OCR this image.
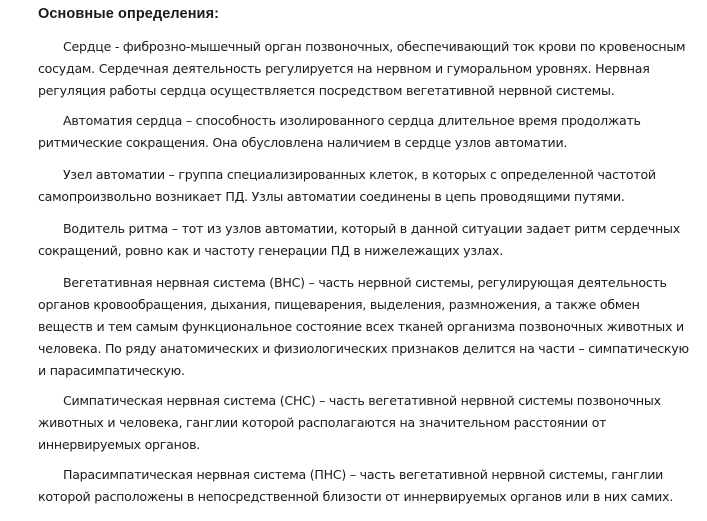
Основные определения:

Сердце - фиброзно-мышечный орган позвоночных, обеспечивающий ток крови по кровеносным
сосудам. Сердечная деятельность регулируется на нервном и гуморальном уровнях. Нервная
регуляция работы сердца осуществляется посредством вегетативной нервной системы.

Автоматия сердца – способность изолированного сердца длительное время продолжать
ритмические сокращения. Она обусловлена наличием в сердце узлов автоматии.

Узел автоматии – группа специализированных клеток, в которых с определенной частотой
самопроизвольно возникает ПД. Узлы автоматии соединены в цепь проводящими путями.

Водитель ритма – тот из узлов автоматии, который в данной ситуации задает ритм сердечных
сокращений, ровно как и частоту генерации ПД в нижележащих узлах.

Вегетативная нервная система (ВНС) – часть нервной системы, регулирующая деятельность
органов кровообращения, дыхания, пищеварения, выделения, размножения, а также обмен
веществ и тем самым функциональное состояние всех тканей организма позвоночных животных и
человека. По ряду анатомических и физиологических признаков делится на части – симпатическую
и парасимпатическую.

Симпатическая нервная система (СНС) – часть вегетативной нервной системы позвоночных
животных и человека, ганглии которой располагаются на значительном расстоянии от
иннервируемых органов.

Парасимпатическая нервная система (ПНС) – часть вегетативной нервной системы, ганглии
которой расположены в непосредственной близости от иннервируемых органов или в них самих.
